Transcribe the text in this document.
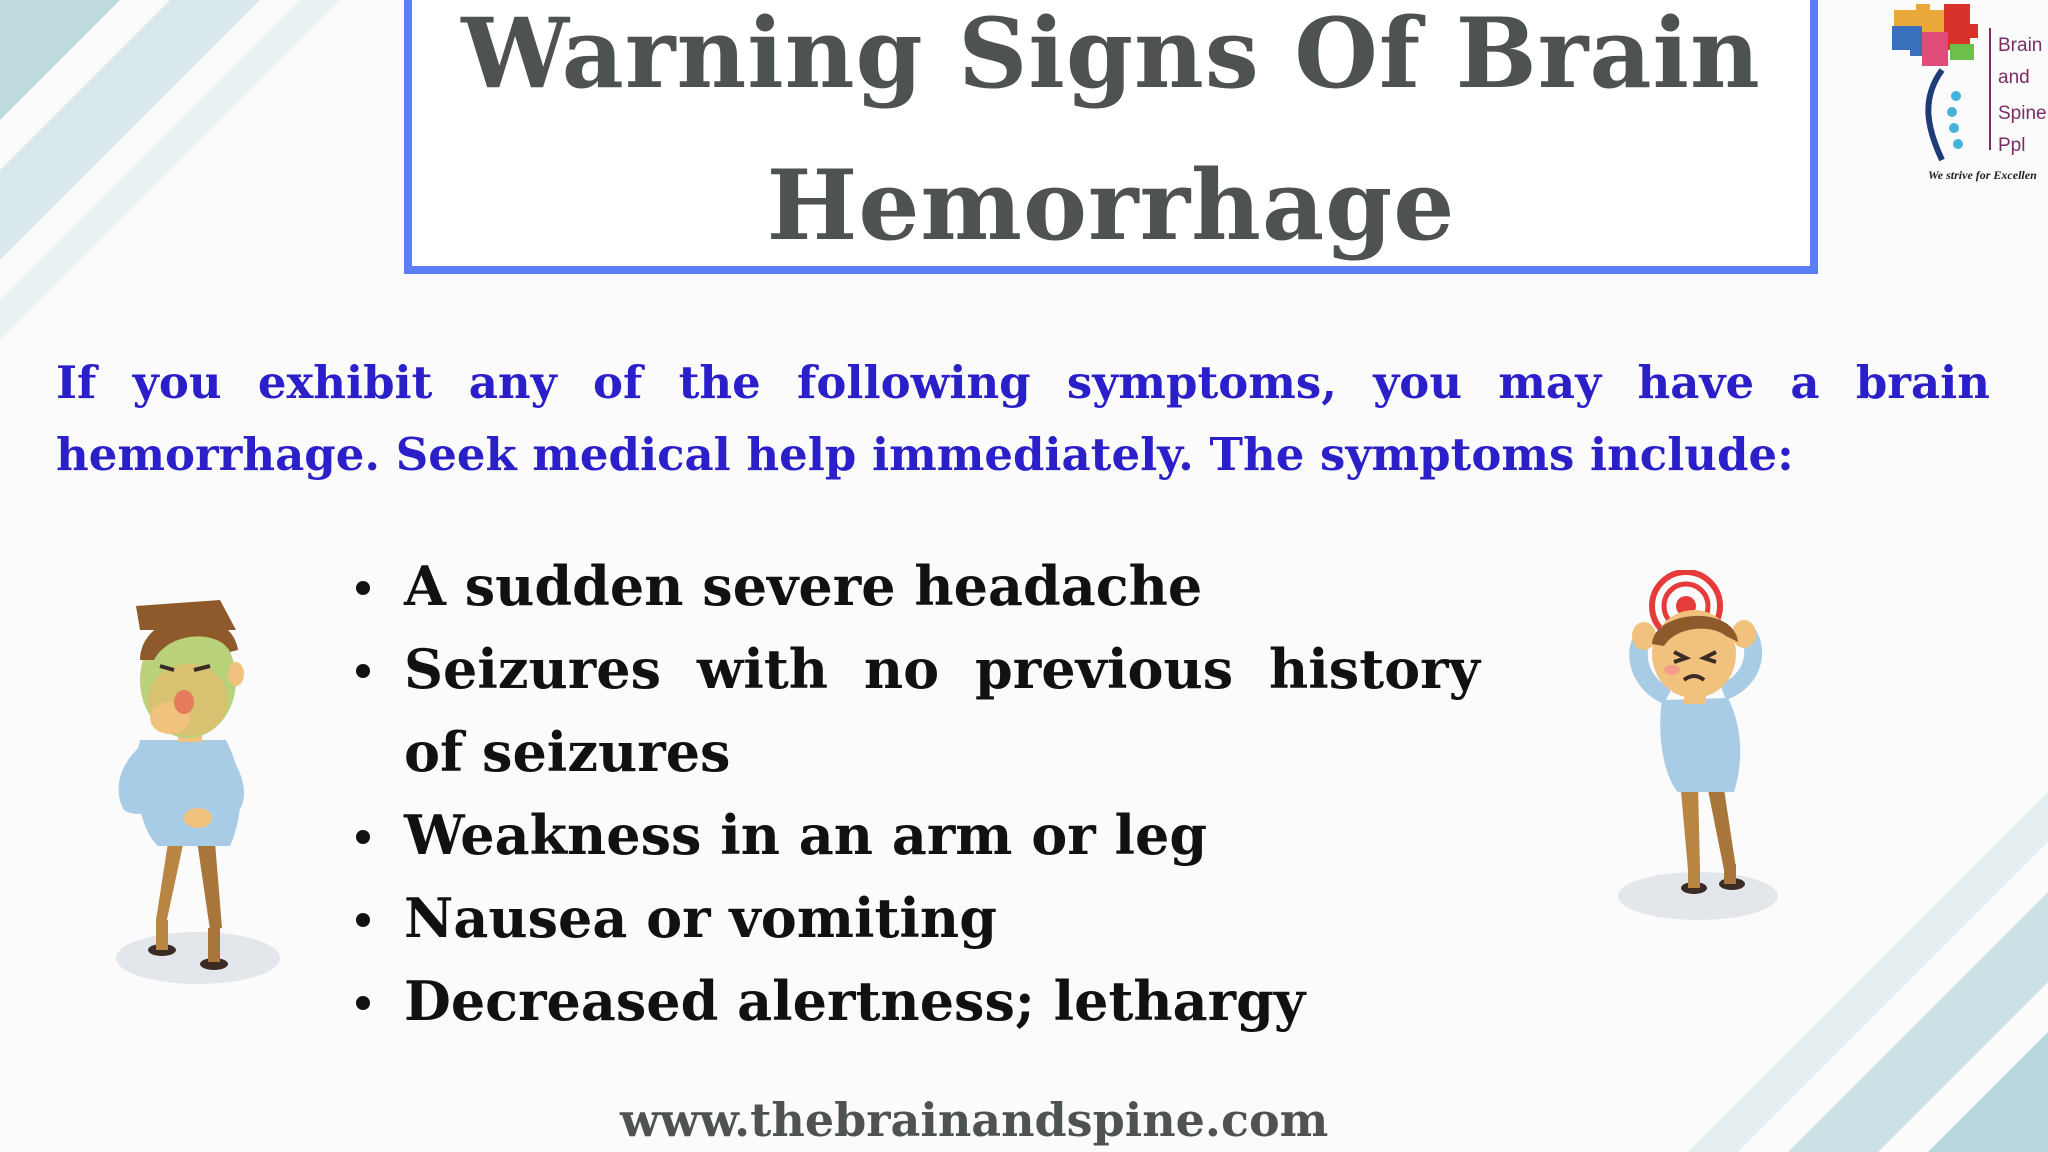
Warning Signs Of Brain
Hemorrhage
Brain
and
Spine
Ppl
We strive for Excellen
If you exhibit any of the following symptoms, you may have a brain hemorrhage. Seek medical help immediately. The symptoms include:
A sudden severe headache
Seizures with no previous history of seizures
Weakness in an arm or leg
Nausea or vomiting
Decreased alertness; lethargy
www.thebrainandspine.com
